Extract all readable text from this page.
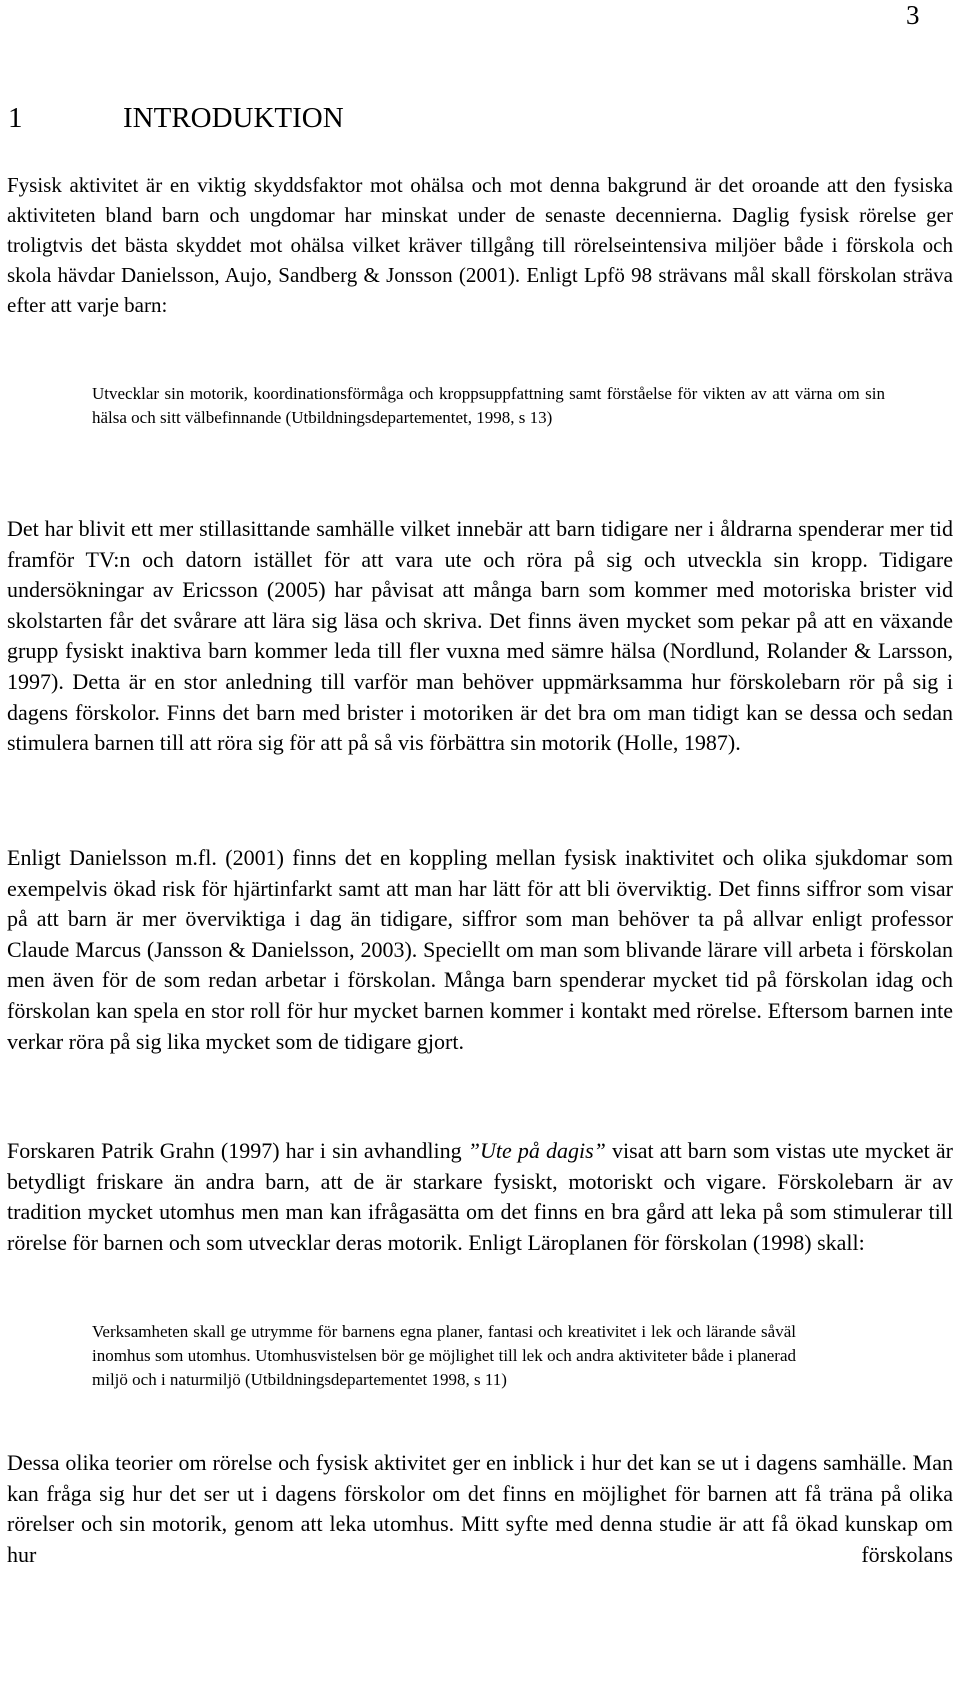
3
1	INTRODUKTION

Fysisk aktivitet är en viktig skyddsfaktor mot ohälsa och mot denna bakgrund är det oroande att den fysiska aktiviteten bland barn och ungdomar har minskat under de senaste decennierna. Daglig fysisk rörelse ger troligtvis det bästa skyddet mot ohälsa vilket kräver tillgång till rörelseintensiva miljöer både i förskola och skola hävdar Danielsson, Aujo, Sandberg & Jonsson (2001). Enligt Lpfö 98 strävans mål skall förskolan sträva efter att varje barn:

Utvecklar sin motorik, koordinationsförmåga och kroppsuppfattning samt förståelse för vikten av att värna om sin hälsa och sitt välbefinnande (Utbildningsdepartementet, 1998, s 13)

Det har blivit ett mer stillasittande samhälle vilket innebär att barn tidigare ner i åldrarna spenderar mer tid framför TV:n och datorn istället för att vara ute och röra på sig och utveckla sin kropp. Tidigare undersökningar av Ericsson (2005) har påvisat att många barn som kommer med motoriska brister vid skolstarten får det svårare att lära sig läsa och skriva. Det finns även mycket som pekar på att en växande grupp fysiskt inaktiva barn kommer leda till fler vuxna med sämre hälsa (Nordlund, Rolander & Larsson, 1997). Detta är en stor anledning till varför man behöver uppmärksamma hur förskolebarn rör på sig i dagens förskolor. Finns det barn med brister i motoriken är det bra om man tidigt kan se dessa och sedan stimulera barnen till att röra sig för att på så vis förbättra sin motorik (Holle, 1987).

Enligt Danielsson m.fl. (2001) finns det en koppling mellan fysisk inaktivitet och olika sjukdomar som exempelvis ökad risk för hjärtinfarkt samt att man har lätt för att bli överviktig. Det finns siffror som visar på att barn är mer överviktiga i dag än tidigare, siffror som man behöver ta på allvar enligt professor Claude Marcus (Jansson & Danielsson, 2003). Speciellt om man som blivande lärare vill arbeta i förskolan men även för de som redan arbetar i förskolan. Många barn spenderar mycket tid på förskolan idag och förskolan kan spela en stor roll för hur mycket barnen kommer i kontakt med rörelse. Eftersom barnen inte verkar röra på sig lika mycket som de tidigare gjort.

Forskaren Patrik Grahn (1997) har i sin avhandling ”Ute på dagis” visat att barn som vistas ute mycket är betydligt friskare än andra barn, att de är starkare fysiskt, motoriskt och vigare. Förskolebarn är av tradition mycket utomhus men man kan ifrågasätta om det finns en bra gård att leka på som stimulerar till rörelse för barnen och som utvecklar deras motorik. Enligt Läroplanen för förskolan (1998) skall:

Verksamheten skall ge utrymme för barnens egna planer, fantasi och kreativitet i lek och lärande såväl inomhus som utomhus. Utomhusvistelsen bör ge möjlighet till lek och andra aktiviteter både i planerad miljö och i naturmiljö (Utbildningsdepartementet 1998, s 11)

Dessa olika teorier om rörelse och fysisk aktivitet ger en inblick i hur det kan se ut i dagens samhälle. Man kan fråga sig hur det ser ut i dagens förskolor om det finns en möjlighet för barnen att få träna på olika rörelser och sin motorik, genom att leka utomhus. Mitt syfte med denna studie är att få ökad kunskap om hur förskolans
